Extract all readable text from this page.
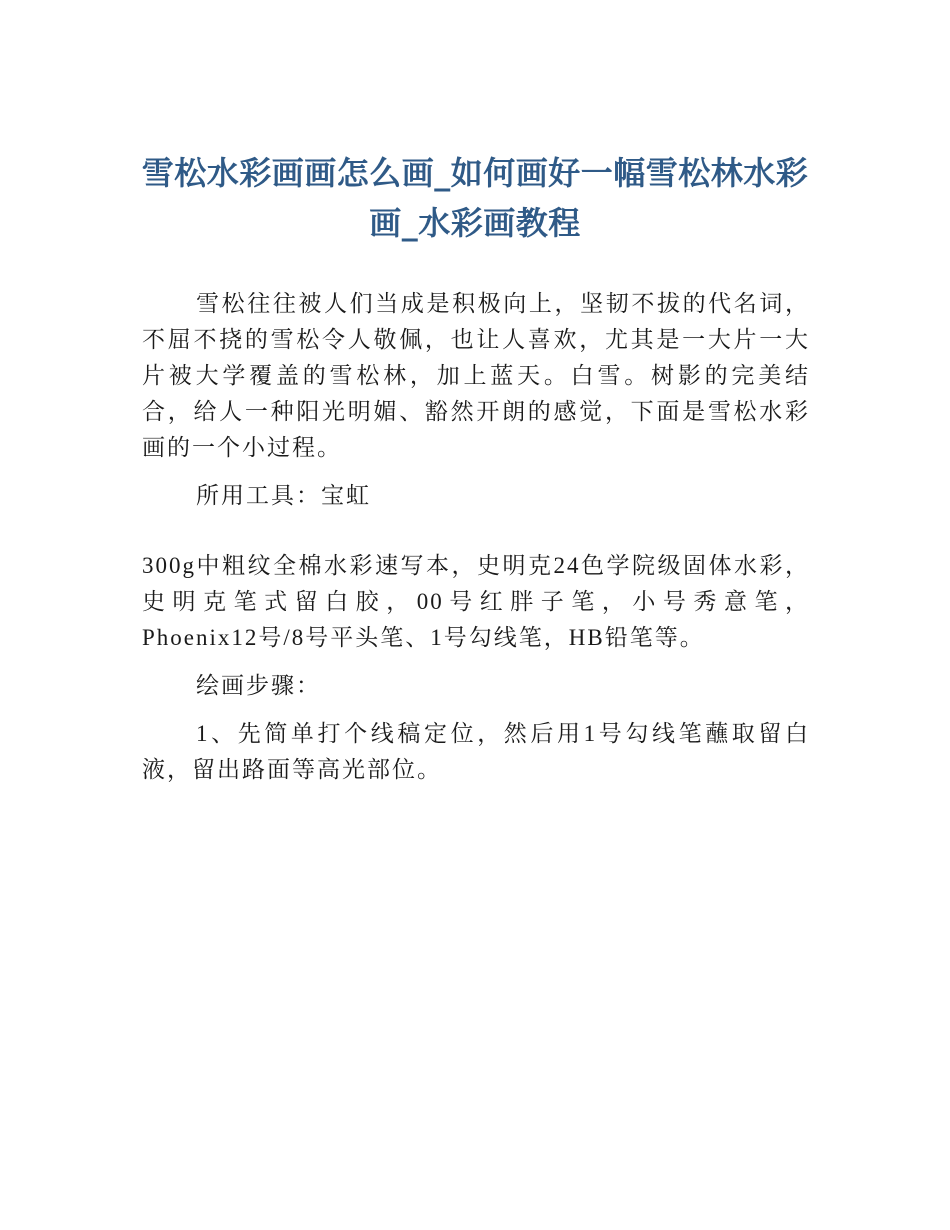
雪松水彩画画怎么画_如何画好一幅雪松林水彩画_水彩画教程

雪松往往被人们当成是积极向上，坚韧不拔的代名词，不屈不挠的雪松令人敬佩，也让人喜欢，尤其是一大片一大片被大学覆盖的雪松林，加上蓝天。白雪。树影的完美结合，给人一种阳光明媚、豁然开朗的感觉，下面是雪松水彩画的一个小过程。

所用工具：宝虹

300g中粗纹全棉水彩速写本，史明克24色学院级固体水彩，史明克笔式留白胶，00号红胖子笔，小号秀意笔，Phoenix12号/8号平头笔、1号勾线笔，HB铅笔等。

绘画步骤：

1、先简单打个线稿定位，然后用1号勾线笔蘸取留白液，留出路面等高光部位。
